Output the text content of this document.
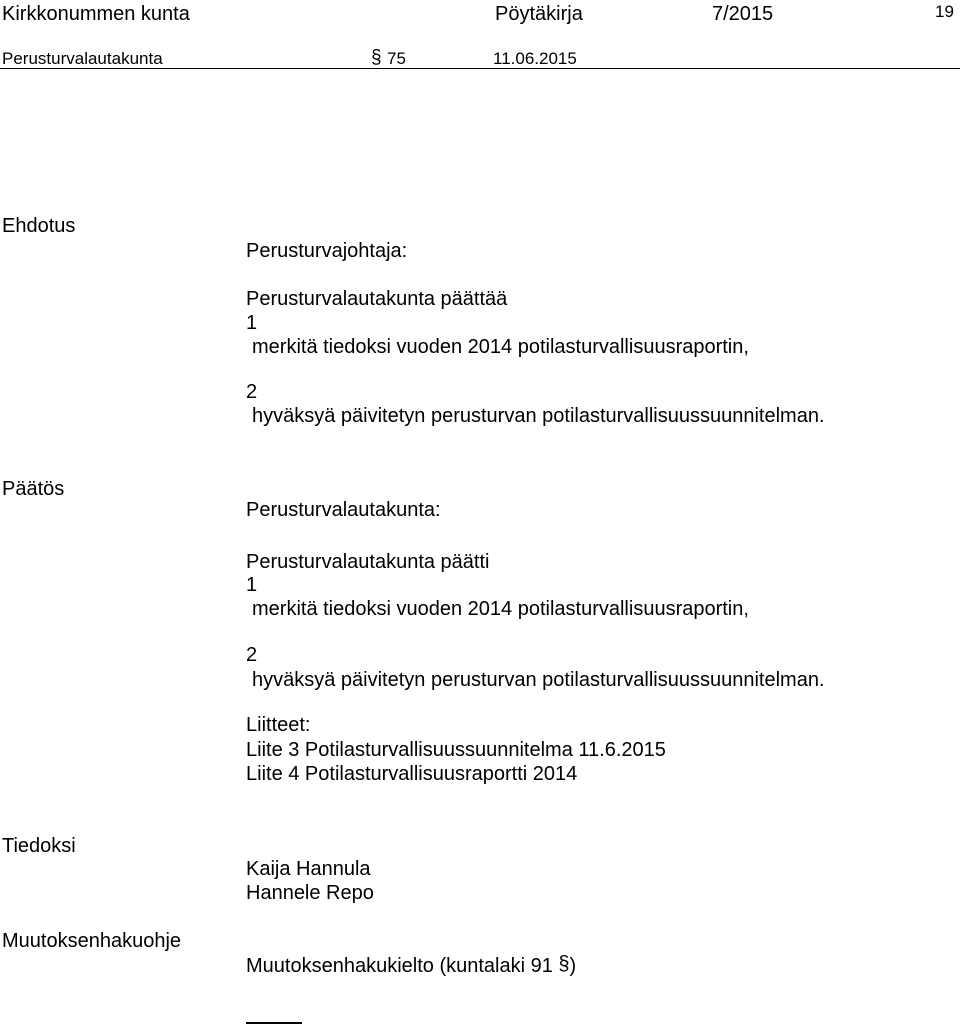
Kirkkonummen kunta	Pöytäkirja	7/2015	19
Perusturvalautakunta	§ 75	11.06.2015
Ehdotus
Perusturvajohtaja:
Perusturvalautakunta päättää
1
merkitä tiedoksi vuoden 2014 potilasturvallisuusraportin,
2
hyväksyä päivitetyn perusturvan potilasturvallisuussuunnitelman.
Päätös
Perusturvalautakunta:
Perusturvalautakunta päätti
1
merkitä tiedoksi vuoden 2014 potilasturvallisuusraportin,
2
hyväksyä päivitetyn perusturvan potilasturvallisuussuunnitelman.
Liitteet:
Liite 3 Potilasturvallisuussuunnitelma 11.6.2015
Liite 4 Potilasturvallisuusraportti 2014
Tiedoksi
Kaija Hannula
Hannele Repo
Muutoksenhakuohje
Muutoksenhakukielto (kuntalaki 91 §)
